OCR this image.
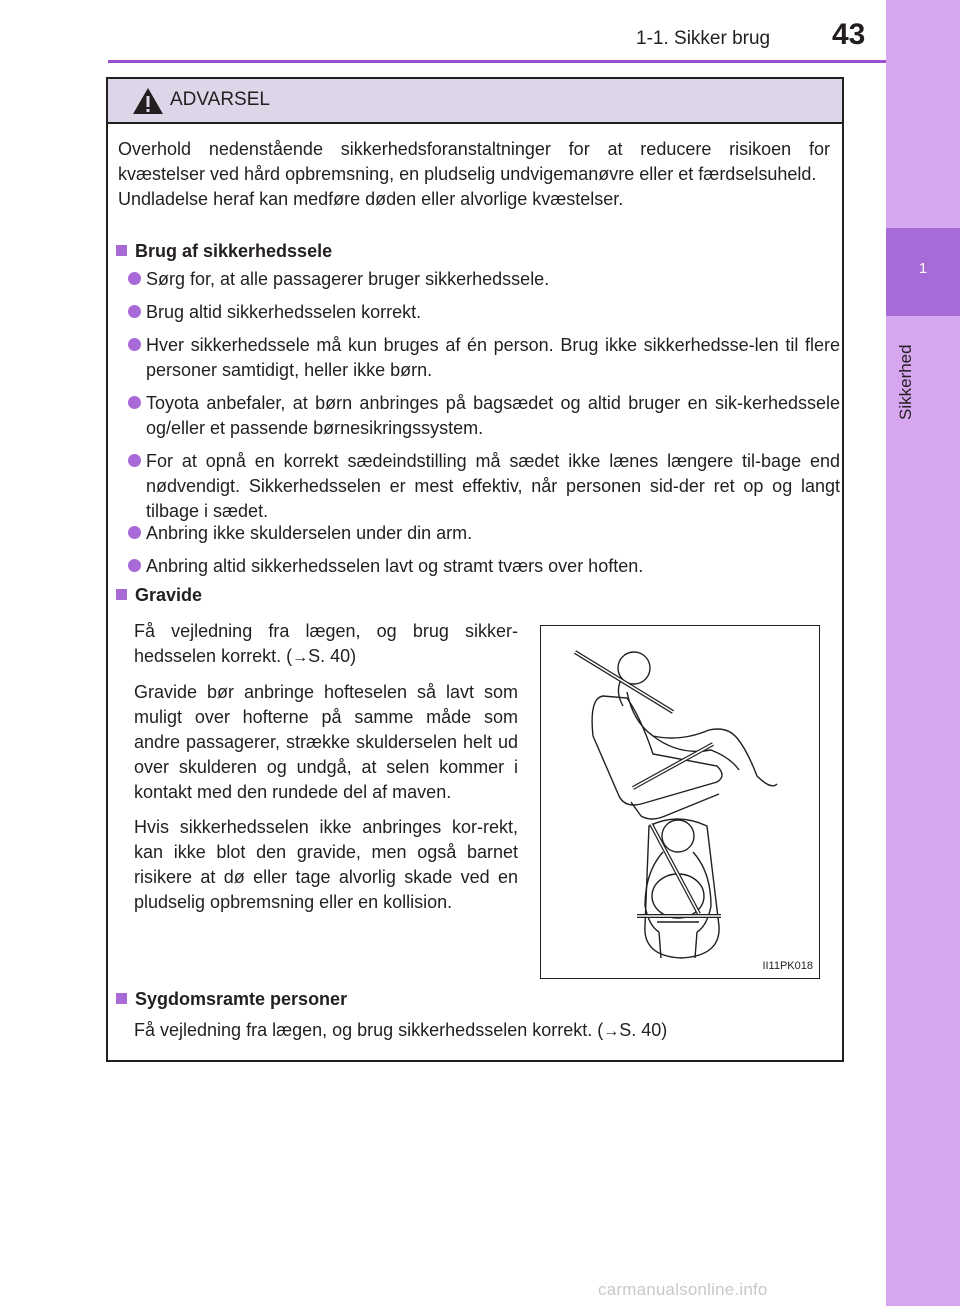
1-1. Sikker brug 43
1
Sikkerhed
ADVARSEL

Overhold nedenstående sikkerhedsforanstaltninger for at reducere risikoen for kvæstelser ved hård opbremsning, en pludselig undvigemanøvre eller et færdselsuheld.

Undladelse heraf kan medføre døden eller alvorlige kvæstelser.

Brug af sikkerhedssele
Sørg for, at alle passagerer bruger sikkerhedssele.
Brug altid sikkerhedsselen korrekt.
Hver sikkerhedssele må kun bruges af én person. Brug ikke sikkerhedsse-len til flere personer samtidigt, heller ikke børn.
Toyota anbefaler, at børn anbringes på bagsædet og altid bruger en sik-kerhedssele og/eller et passende børnesikringssystem.
For at opnå en korrekt sædeindstilling må sædet ikke lænes længere til-bage end nødvendigt. Sikkerhedsselen er mest effektiv, når personen sid-der ret op og langt tilbage i sædet.
Anbring ikke skulderselen under din arm.
Anbring altid sikkerhedsselen lavt og stramt tværs over hoften.
Gravide

Få vejledning fra lægen, og brug sikker-hedsselen korrekt. (→S. 40)

Gravide bør anbringe hofteselen så lavt som muligt over hofterne på samme måde som andre passagerer, strække skulderselen helt ud over skulderen og undgå, at selen kommer i kontakt med den rundede del af maven.

Hvis sikkerhedsselen ikke anbringes kor-rekt, kan ikke blot den gravide, men også barnet risikere at dø eller tage alvorlig skade ved en pludselig opbremsning eller en kollision.

II11PK018
Sygdomsramte personer
Få vejledning fra lægen, og brug sikkerhedsselen korrekt. (→S. 40)
carmanualsonline.info
